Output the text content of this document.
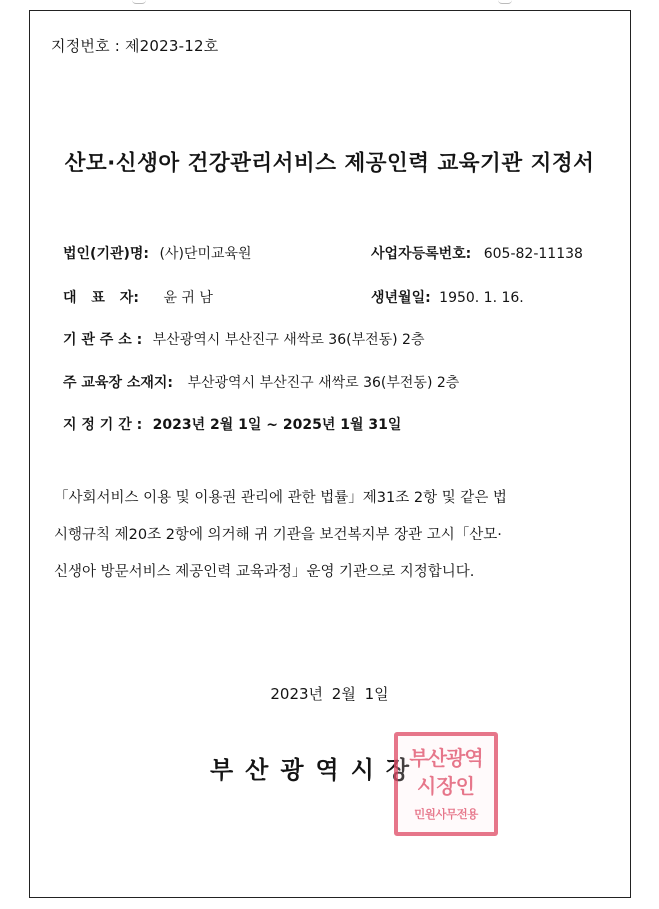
지정번호 : 제2023-12호
산모·신생아 건강관리서비스 제공인력 교육기관 지정서
법인(기관)명: (사)단미교육원	사업자등록번호: 605-82-11138
대 표 자: 윤 귀 남	생년월일: 1950. 1. 16.
기 관 주 소 : 부산광역시 부산진구 새싹로 36(부전동) 2층
주 교육장 소재지: 부산광역시 부산진구 새싹로 36(부전동) 2층
지 정 기 간 : 2023년 2월 1일 ~ 2025년 1월 31일
「사회서비스 이용 및 이용권 관리에 관한 법률」제31조 2항 및 같은 법
시행규칙 제20조 2항에 의거해 귀 기관을 보건복지부 장관 고시「산모·
신생아 방문서비스 제공인력 교육과정」운영 기관으로 지정합니다.
2023년 2월 1일
부산광역시장
부산광역
시장인
민원사무전용
